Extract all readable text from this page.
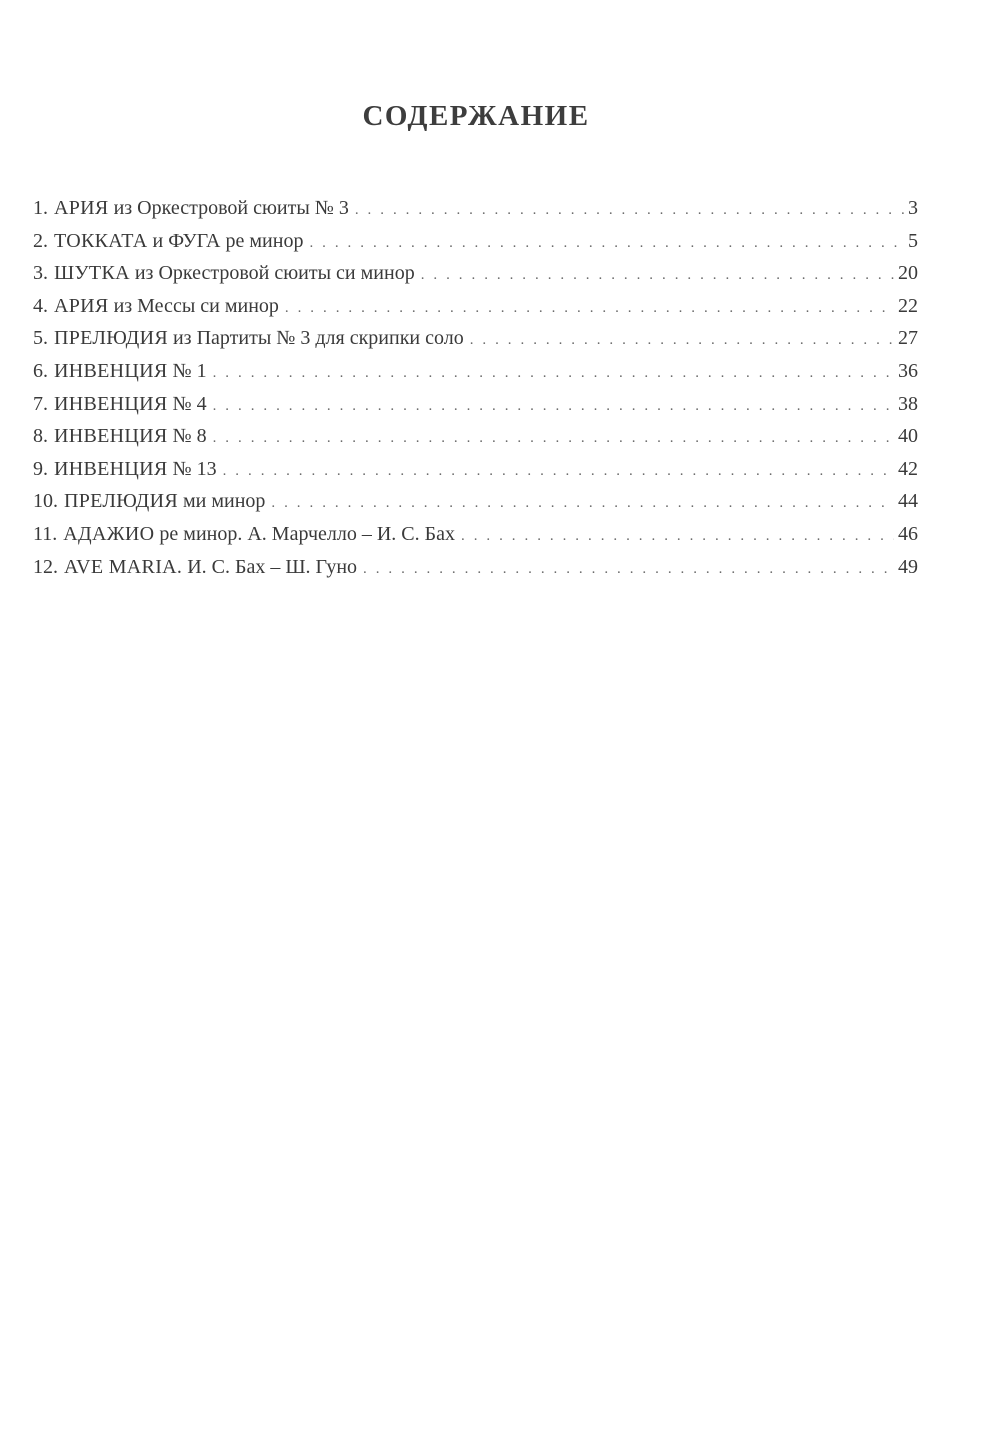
СОДЕРЖАНИЕ
1. АРИЯ из Оркестровой сюиты № 3 . . .	3
2. ТОККАТА и ФУГА ре минор . . .	5
3. ШУТКА из Оркестровой сюиты си минор . . .	20
4. АРИЯ из Мессы си минор . . .	22
5. ПРЕЛЮДИЯ из Партиты № 3 для скрипки соло . . .	27
6. ИНВЕНЦИЯ № 1 . . .	36
7. ИНВЕНЦИЯ № 4 . . .	38
8. ИНВЕНЦИЯ № 8 . . .	40
9. ИНВЕНЦИЯ № 13 . . .	42
10. ПРЕЛЮДИЯ ми минор . . .	44
11. АДАЖИО ре минор. А. Марчелло – И. С. Бах . . .	46
12. AVE MARIA. И. С. Бах – Ш. Гуно . . .	49
